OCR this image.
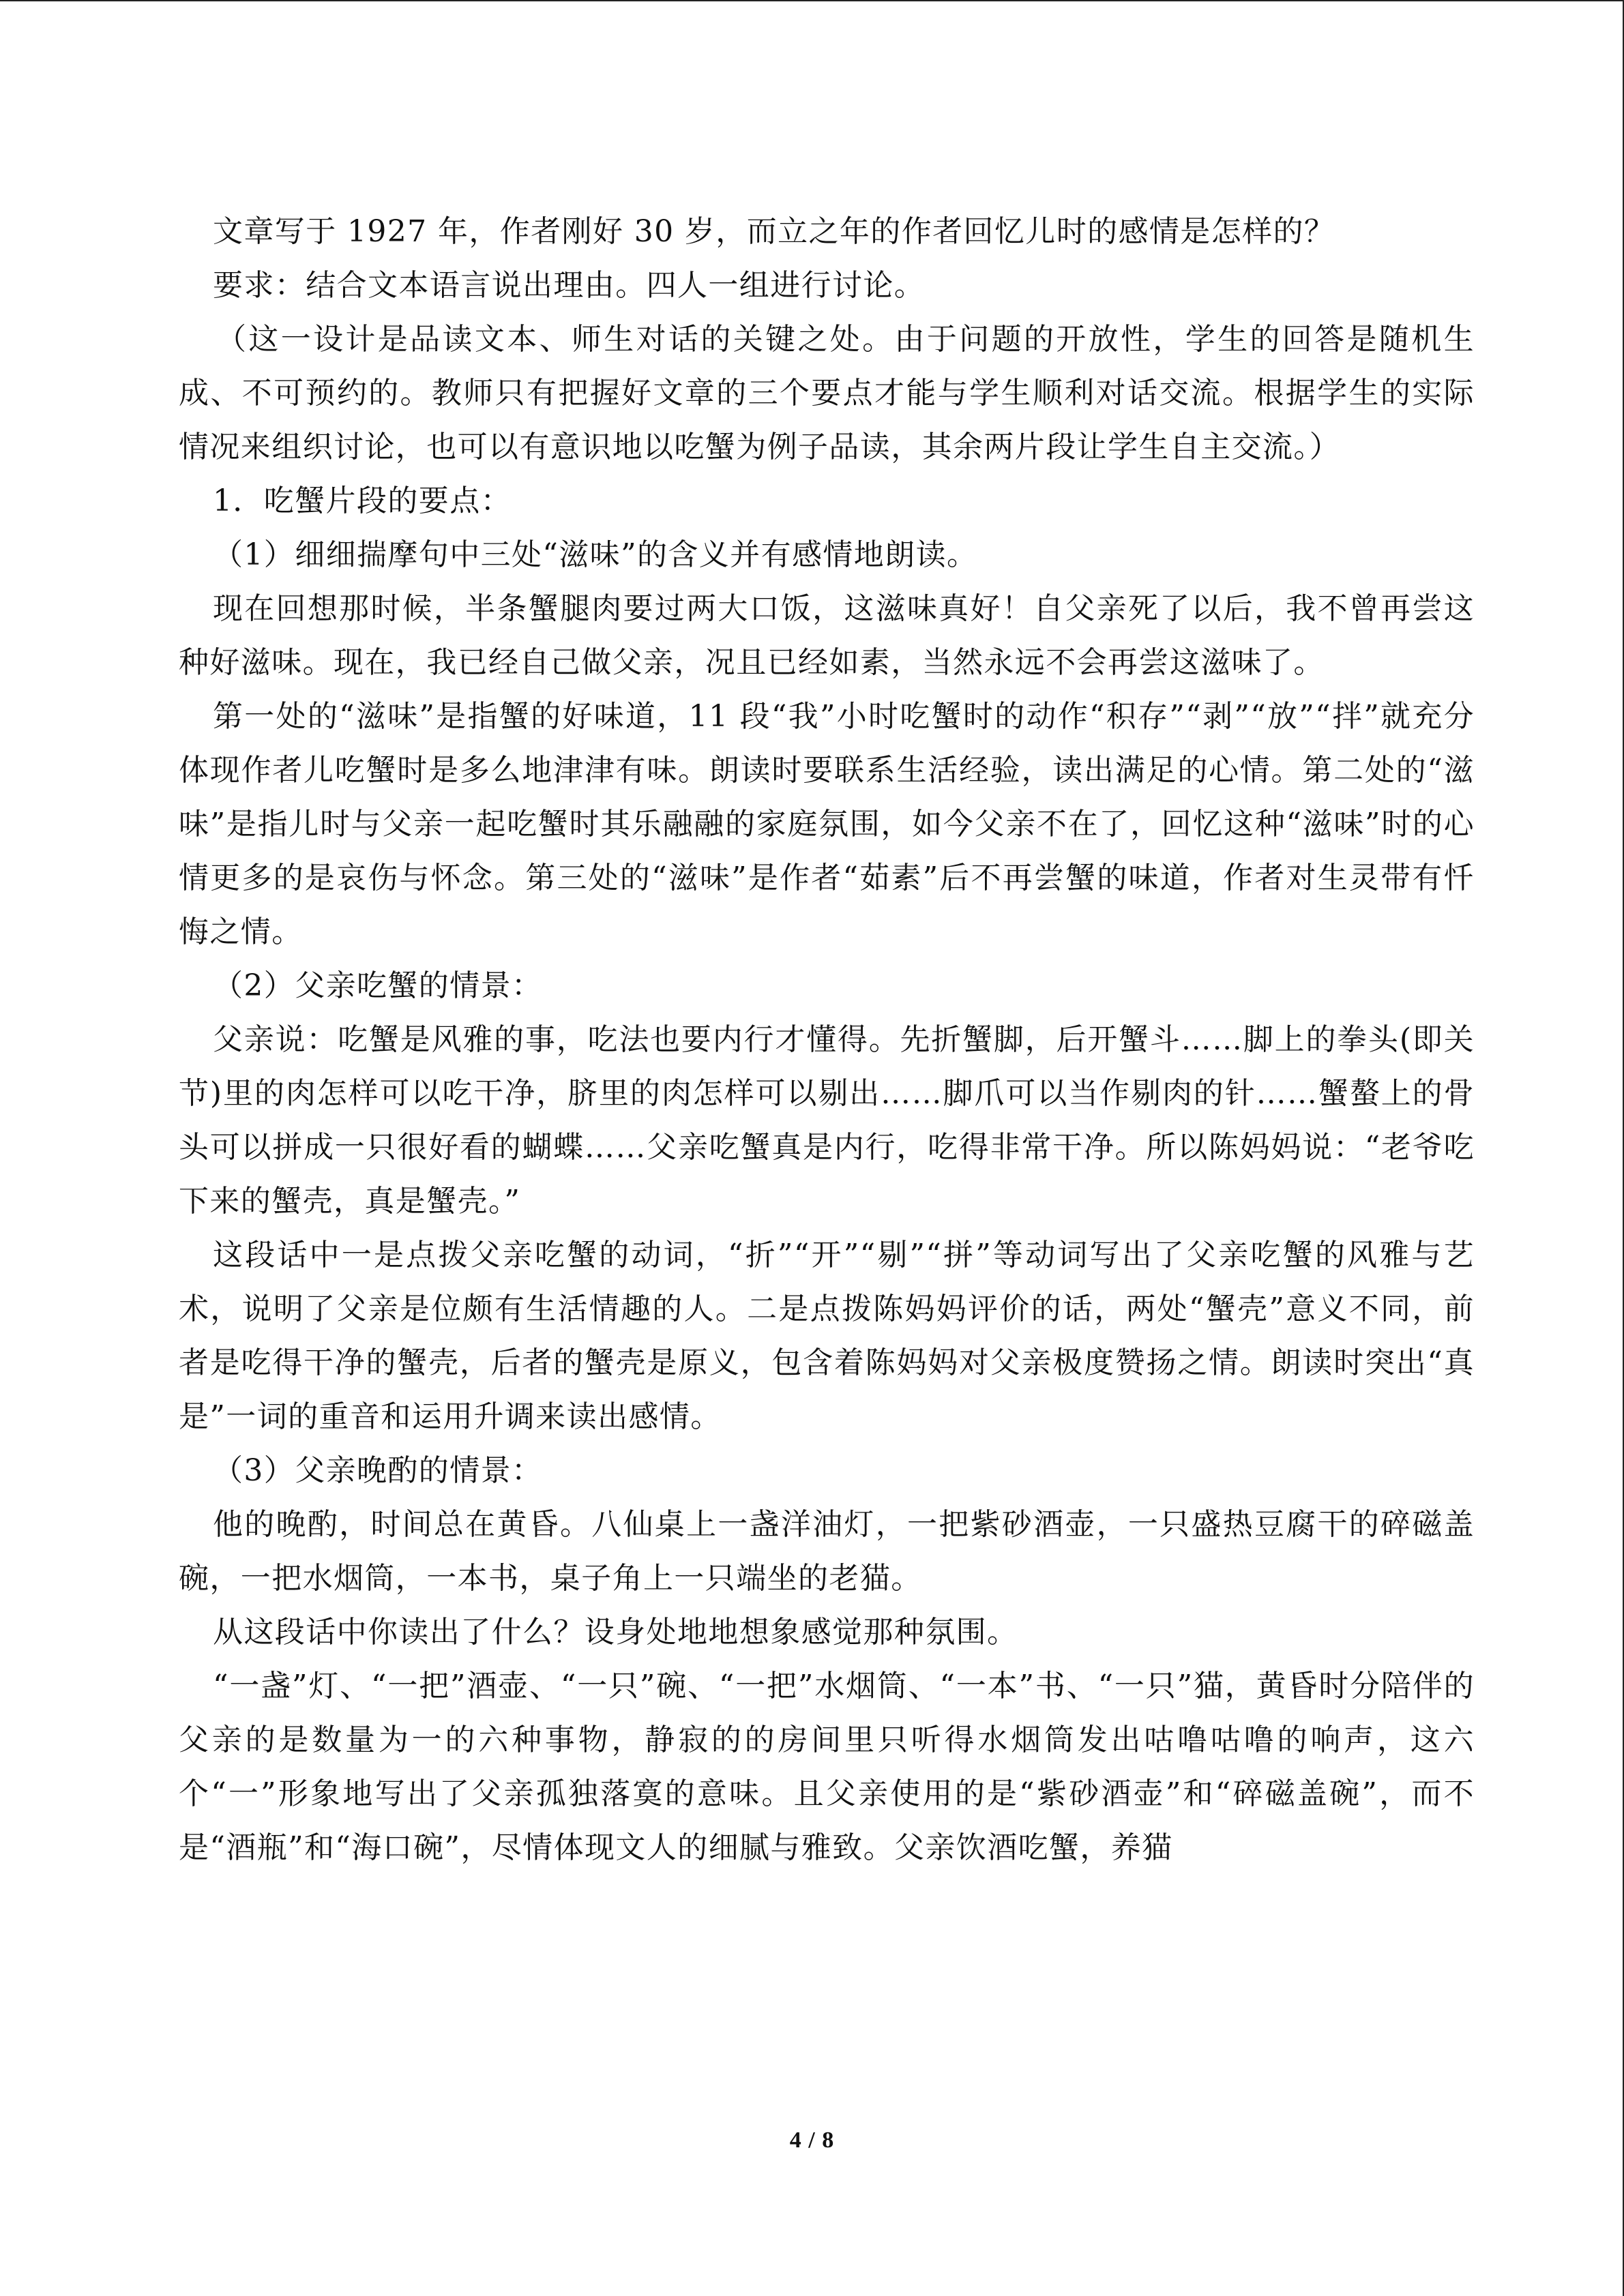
文章写于 1927 年，作者刚好 30 岁，而立之年的作者回忆儿时的感情是怎样的？

要求：结合文本语言说出理由。四人一组进行讨论。

（这一设计是品读文本、师生对话的关键之处。由于问题的开放性，学生的回答是随机生成、不可预约的。教师只有把握好文章的三个要点才能与学生顺利对话交流。根据学生的实际情况来组织讨论，也可以有意识地以吃蟹为例子品读，其余两片段让学生自主交流。）

1．吃蟹片段的要点：

（1）细细揣摩句中三处“滋味”的含义并有感情地朗读。

现在回想那时候，半条蟹腿肉要过两大口饭，这滋味真好！自父亲死了以后，我不曾再尝这种好滋味。现在，我已经自己做父亲，况且已经如素，当然永远不会再尝这滋味了。

第一处的“滋味”是指蟹的好味道，11 段“我”小时吃蟹时的动作“积存”“剥”“放”“拌”就充分体现作者儿吃蟹时是多么地津津有味。朗读时要联系生活经验，读出满足的心情。第二处的“滋味”是指儿时与父亲一起吃蟹时其乐融融的家庭氛围，如今父亲不在了，回忆这种“滋味”时的心情更多的是哀伤与怀念。第三处的“滋味”是作者“茹素”后不再尝蟹的味道，作者对生灵带有忏悔之情。

（2）父亲吃蟹的情景：

父亲说：吃蟹是风雅的事，吃法也要内行才懂得。先折蟹脚，后开蟹斗……脚上的拳头(即关节)里的肉怎样可以吃干净，脐里的肉怎样可以剔出……脚爪可以当作剔肉的针……蟹螯上的骨头可以拼成一只很好看的蝴蝶……父亲吃蟹真是内行，吃得非常干净。所以陈妈妈说：“老爷吃下来的蟹壳，真是蟹壳。”

这段话中一是点拨父亲吃蟹的动词，“折”“开”“剔”“拼”等动词写出了父亲吃蟹的风雅与艺术，说明了父亲是位颇有生活情趣的人。二是点拨陈妈妈评价的话，两处“蟹壳”意义不同，前者是吃得干净的蟹壳，后者的蟹壳是原义，包含着陈妈妈对父亲极度赞扬之情。朗读时突出“真是”一词的重音和运用升调来读出感情。

（3）父亲晚酌的情景：

他的晚酌，时间总在黄昏。八仙桌上一盏洋油灯，一把紫砂酒壶，一只盛热豆腐干的碎磁盖碗，一把水烟筒，一本书，桌子角上一只端坐的老猫。

从这段话中你读出了什么？设身处地地想象感觉那种氛围。

“一盏”灯、“一把”酒壶、“一只”碗、“一把”水烟筒、“一本”书、“一只”猫，黄昏时分陪伴的父亲的是数量为一的六种事物，静寂的的房间里只听得水烟筒发出咕噜咕噜的响声，这六个“一”形象地写出了父亲孤独落寞的意味。且父亲使用的是“紫砂酒壶”和“碎磁盖碗”，而不是“酒瓶”和“海口碗”，尽情体现文人的细腻与雅致。父亲饮酒吃蟹，养猫

4 / 8
